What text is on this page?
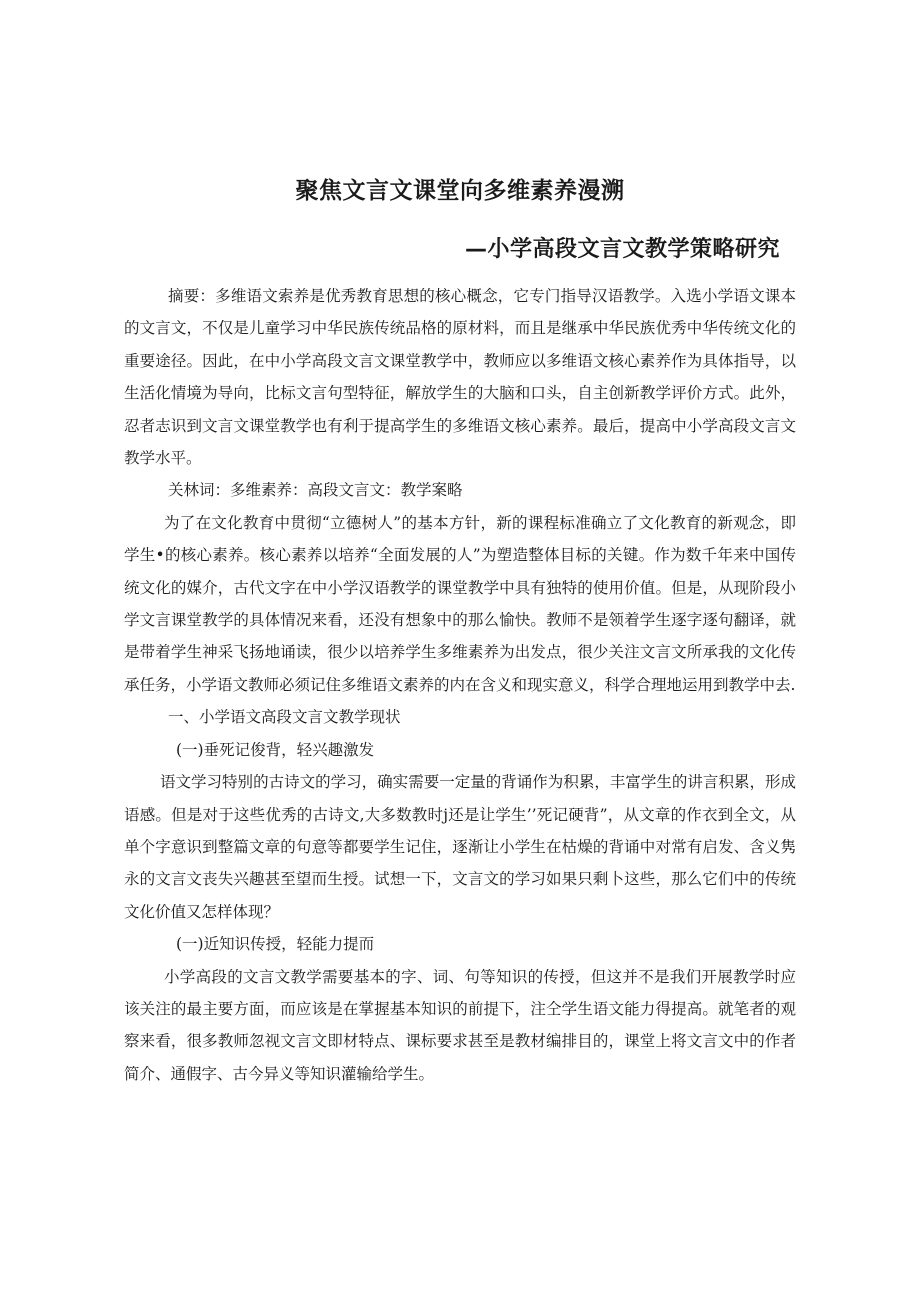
聚焦文言文课堂向多维素养漫溯
—小学高段文言文教学策略研究

摘要：多维语文索养是优秀教育思想的核心概念，它专门指导汉语教学。入选小学语文课本的文言文，不仅是儿童学习中华民族传统品格的原材料，而且是继承中华民族优秀中华传统文化的重要途径。因此，在中小学高段文言文课堂教学中，教师应以多维语文核心素养作为具体指导，以生活化情境为导向，比标文言句型特征，解放学生的大脑和口头，自主创新教学评价方式。此外，忍者志识到文言文课堂教学也有利于提高学生的多维语文核心素养。最后，提高中小学高段文言文教学水平。

关林词：多维素养：高段文言文：教学案略

为了在文化教育中贯彻“立德树人”的基本方针，新的课程标准确立了文化教育的新观念，即学生•的核心素养。核心素养以培养“全面发展的人”为塑造整体目标的关键。作为数千年来中国传统文化的媒介，古代文字在中小学汉语教学的课堂教学中具有独特的使用价值。但是，从现阶段小学文言课堂教学的具体情况来看，还没有想象中的那么愉快。教师不是领着学生逐字逐句翻译，就是带着学生神采飞扬地诵读，很少以培养学生多维素养为出发点，很少关注文言文所承我的文化传承任务，小学语文教师必须记住多维语文素养的内在含义和现实意义，科学合理地运用到教学中去.

一、小学语文高段文言文教学现状

(一)垂死记俊背，轻兴趣激发

语文学习特别的古诗文的学习，确实需要一定量的背诵作为积累，丰富学生的讲言积累，形成语感。但是对于这些优秀的古诗文,大多数教时j还是让学生’’死记硬背”，从文章的作衣到全文，从单个字意识到整篇文章的句意等都要学生记住，逐渐让小学生在枯燥的背诵中对常有启发、含义隽永的文言文丧失兴趣甚至望而生授。试想一下，文言文的学习如果只剩卜这些，那么它们中的传统文化价值又怎样体现？

(一)近知识传授，轻能力提而

小学高段的文言文教学需要基本的字、词、句等知识的传授，但这并不是我们开展教学时应该关注的最主要方面，而应该是在掌握基本知识的前提下，注仝学生语文能力得提高。就笔者的观察来看，很多教师忽视文言文即材特点、课标要求甚至是教材编排目的，课堂上将文言文中的作者简介、通假字、古今异义等知识灌输给学生。
